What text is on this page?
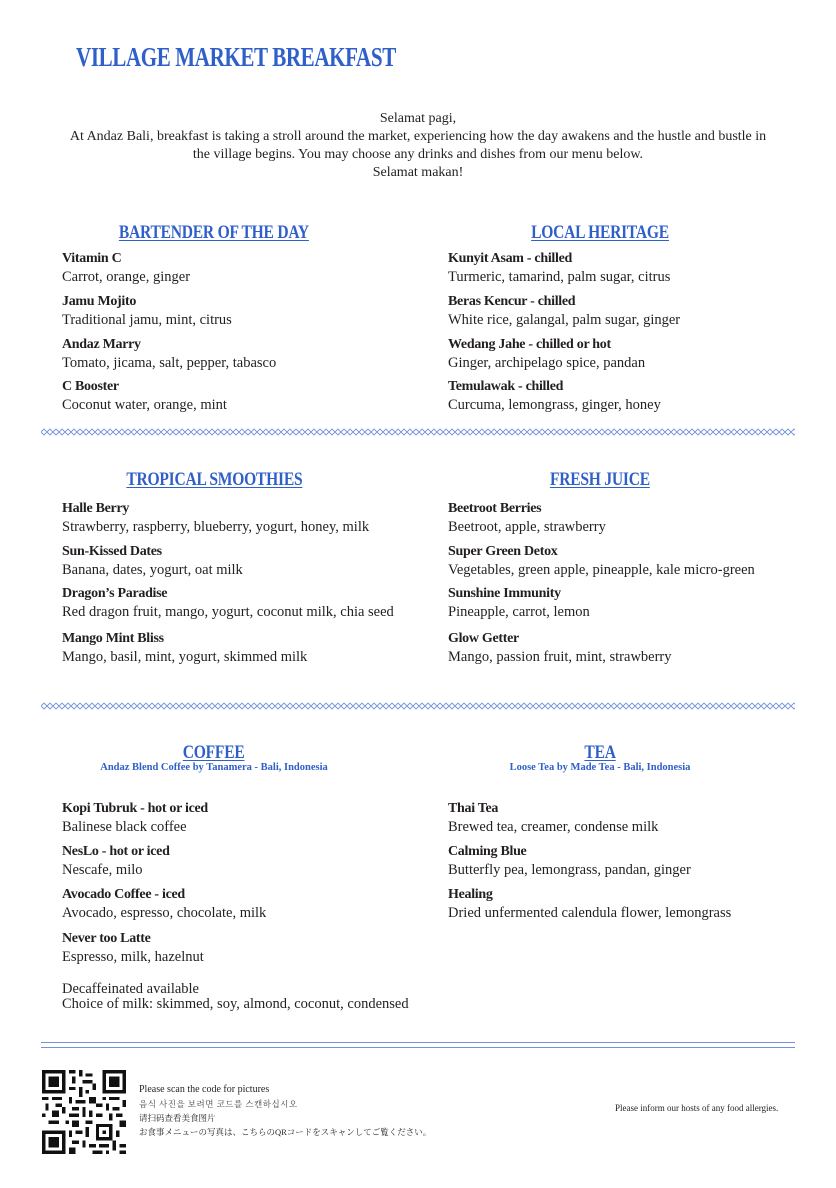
VILLAGE MARKET BREAKFAST

Selamat pagi,

At Andaz Bali, breakfast is taking a stroll around the market, experiencing how the day awakens and the hustle and bustle in the village begins. You may choose any drinks and dishes from our menu below.

Selamat makan!

BARTENDER OF THE DAY
Vitamin C
Carrot, orange, ginger
Jamu Mojito
Traditional jamu, mint, citrus
Andaz Marry
Tomato, jicama, salt, pepper, tabasco
C Booster
Coconut water, orange, mint
LOCAL HERITAGE
Kunyit Asam - chilled
Turmeric, tamarind, palm sugar, citrus
Beras Kencur - chilled
White rice, galangal, palm sugar, ginger
Wedang Jahe - chilled or hot
Ginger, archipelago spice, pandan
Temulawak - chilled
Curcuma, lemongrass, ginger, honey
TROPICAL SMOOTHIES
Halle Berry
Strawberry, raspberry, blueberry, yogurt, honey, milk
Sun-Kissed Dates
Banana, dates, yogurt, oat milk
Dragon’s Paradise
Red dragon fruit, mango, yogurt, coconut milk, chia seed
Mango Mint Bliss
Mango, basil, mint, yogurt, skimmed milk
FRESH JUICE
Beetroot Berries
Beetroot, apple, strawberry
Super Green Detox
Vegetables, green apple, pineapple, kale micro-green
Sunshine Immunity
Pineapple, carrot, lemon
Glow Getter
Mango, passion fruit, mint, strawberry
COFFEE
Andaz Blend Coffee by Tanamera - Bali, Indonesia
Kopi Tubruk - hot or iced
Balinese black coffee
NesLo - hot or iced
Nescafe, milo
Avocado Coffee - iced
Avocado, espresso, chocolate, milk
Never too Latte
Espresso, milk, hazelnut
TEA
Loose Tea by Made Tea - Bali, Indonesia
Thai Tea
Brewed tea, creamer, condense milk
Calming Blue
Butterfly pea, lemongrass, pandan, ginger
Healing
Dried unfermented calendula flower, lemongrass
Decaffeinated available
Choice of milk: skimmed, soy, almond, coconut, condensed
Please scan the code for pictures
음식 사진을 보려면 코드를 스캔하십시오
请扫码查看美食图片
お食事メニューの写真は、こちらのQRコードをスキャンしてご覧ください。
Please inform our hosts of any food allergies.
